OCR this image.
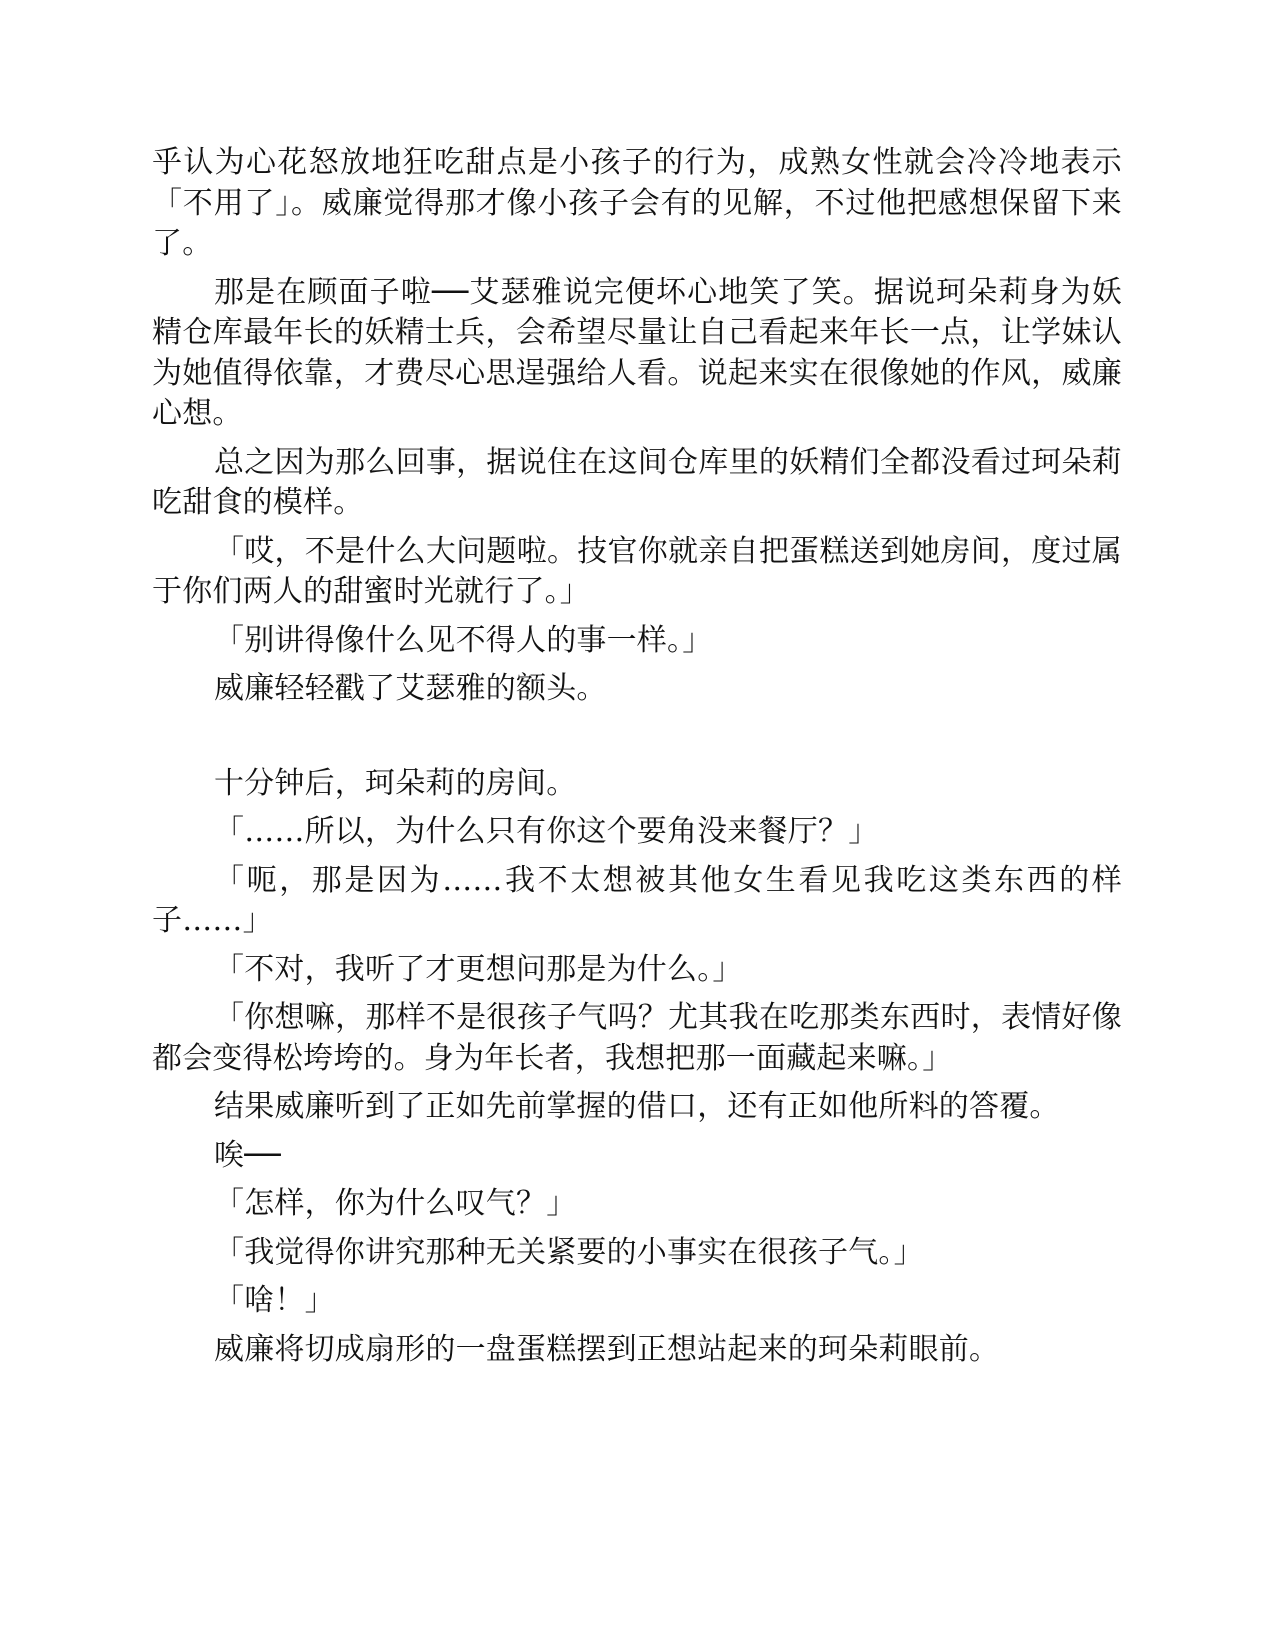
乎认为心花怒放地狂吃甜点是小孩子的行为，成熟女性就会冷冷地表示「不用了」。威廉觉得那才像小孩子会有的见解，不过他把感想保留下来了。

那是在顾面子啦──艾瑟雅说完便坏心地笑了笑。据说珂朵莉身为妖精仓库最年长的妖精士兵，会希望尽量让自己看起来年长一点，让学妹认为她值得依靠，才费尽心思逞强给人看。说起来实在很像她的作风，威廉心想。

总之因为那么回事，据说住在这间仓库里的妖精们全都没看过珂朵莉吃甜食的模样。

「哎，不是什么大问题啦。技官你就亲自把蛋糕送到她房间，度过属于你们两人的甜蜜时光就行了。」

「别讲得像什么见不得人的事一样。」

威廉轻轻戳了艾瑟雅的额头。

十分钟后，珂朵莉的房间。

「……所以，为什么只有你这个要角没来餐厅？」

「呃，那是因为……我不太想被其他女生看见我吃这类东西的样子……」

「不对，我听了才更想问那是为什么。」

「你想嘛，那样不是很孩子气吗？尤其我在吃那类东西时，表情好像都会变得松垮垮的。身为年长者，我想把那一面藏起来嘛。」

结果威廉听到了正如先前掌握的借口，还有正如他所料的答覆。

唉──

「怎样，你为什么叹气？」

「我觉得你讲究那种无关紧要的小事实在很孩子气。」

「啥！」

威廉将切成扇形的一盘蛋糕摆到正想站起来的珂朵莉眼前。
